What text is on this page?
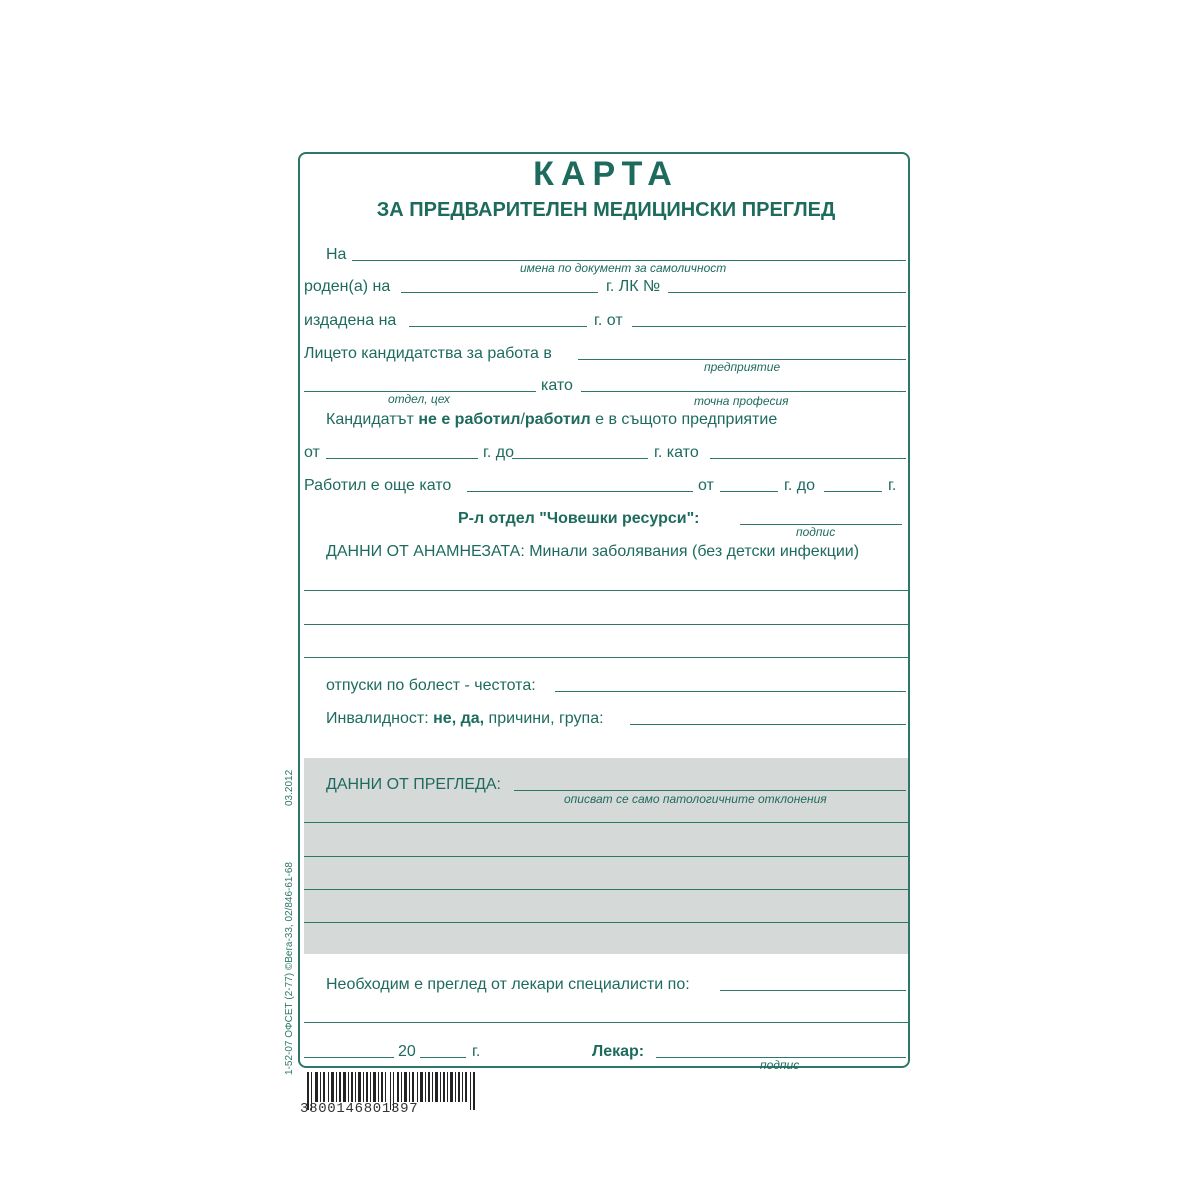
КАРТА
ЗА ПРЕДВАРИТЕЛЕН МЕДИЦИНСКИ ПРЕГЛЕД
На
имена по документ за самоличност
роден(а) на	г. ЛК №
издадена на	г. от
Лицето кандидатства за работа в
предприятие
като
отдел, цех	точна професия
Кандидатът не е работил/работил е в същото предприятие
от	г. до	г. като
Работил е още като	от	г. до	г.
Р-л отдел "Човешки ресурси":
подпис
ДАННИ ОТ АНАМНЕЗАТА: Минали заболявания (без детски инфекции)
отпуски по болест - честота:
Инвалидност: не, да, причини, група:
ДАННИ ОТ ПРЕГЛЕДА:
описват се само патологичните отклонения
Необходим е преглед от лекари специалисти по:
20	г.	Лекар:
подпис
1-52-07 ОФСЕТ (2-77) ©Вега-33, 02/846-61-68
03.2012
3800146801397
